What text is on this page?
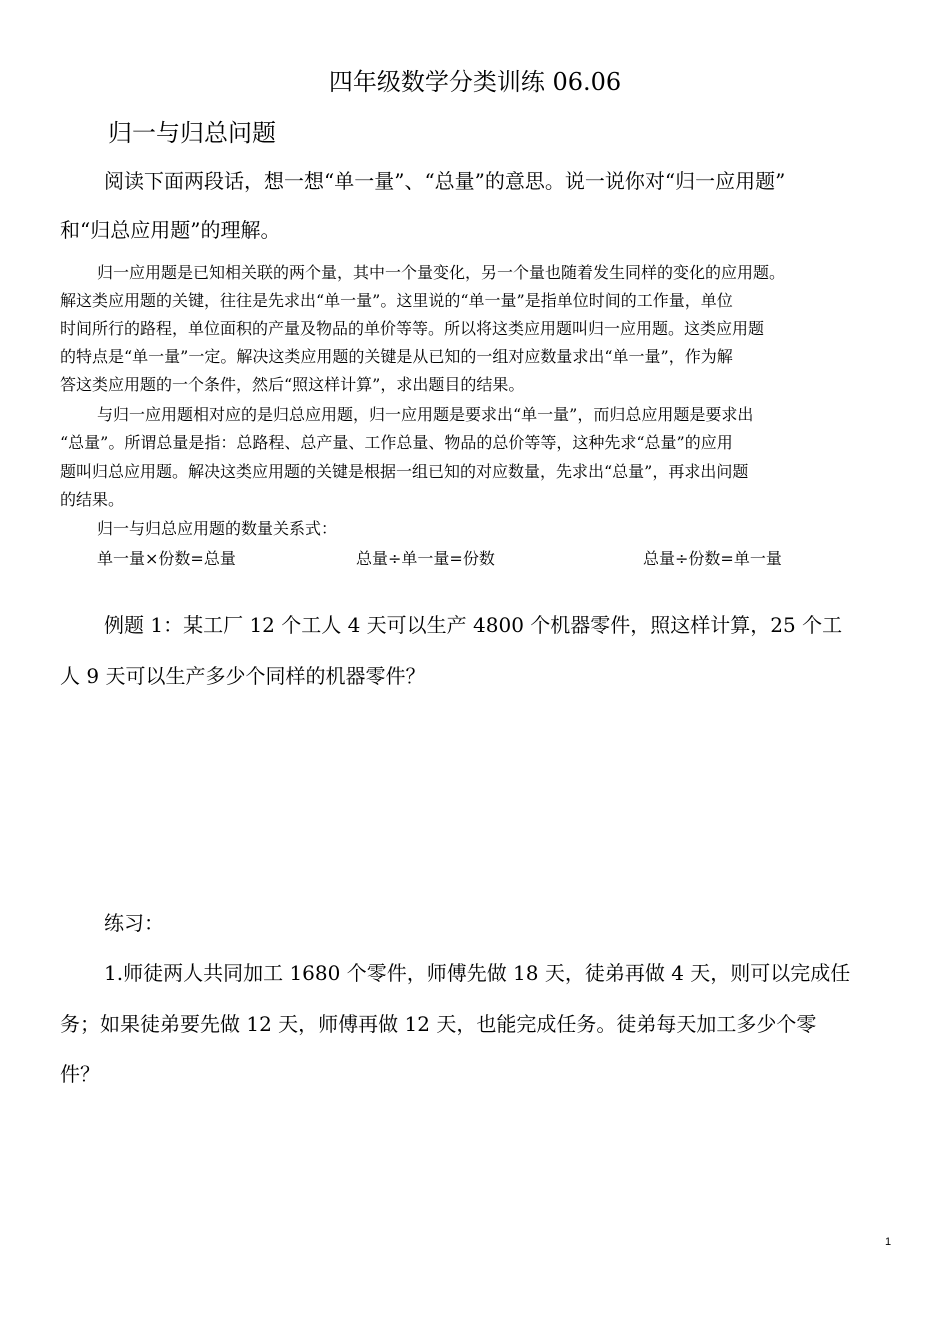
四年级数学分类训练 06.06
归一与归总问题
阅读下面两段话，想一想“单一量”、“总量”的意思。说一说你对“归一应用题”
和“归总应用题”的理解。
归一应用题是已知相关联的两个量，其中一个量变化，另一个量也随着发生同样的变化的应用题。
解这类应用题的关键，往往是先求出“单一量”。这里说的“单一量”是指单位时间的工作量，单位
时间所行的路程，单位面积的产量及物品的单价等等。所以将这类应用题叫归一应用题。这类应用题
的特点是“单一量”一定。解决这类应用题的关键是从已知的一组对应数量求出“单一量”，作为解
答这类应用题的一个条件，然后“照这样计算”，求出题目的结果。
与归一应用题相对应的是归总应用题，归一应用题是要求出“单一量”，而归总应用题是要求出
“总量”。所谓总量是指：总路程、总产量、工作总量、物品的总价等等，这种先求“总量”的应用
题叫归总应用题。解决这类应用题的关键是根据一组已知的对应数量，先求出“总量”，再求出问题
的结果。
归一与归总应用题的数量关系式：
单一量×份数=总量	总量÷单一量=份数	总量÷份数=单一量
例题 1：某工厂 12 个工人 4 天可以生产 4800 个机器零件，照这样计算，25 个工
人 9 天可以生产多少个同样的机器零件？
练习：
1.师徒两人共同加工 1680 个零件，师傅先做 18 天，徒弟再做 4 天，则可以完成任
务；如果徒弟要先做 12 天，师傅再做 12 天，也能完成任务。徒弟每天加工多少个零
件？
1
